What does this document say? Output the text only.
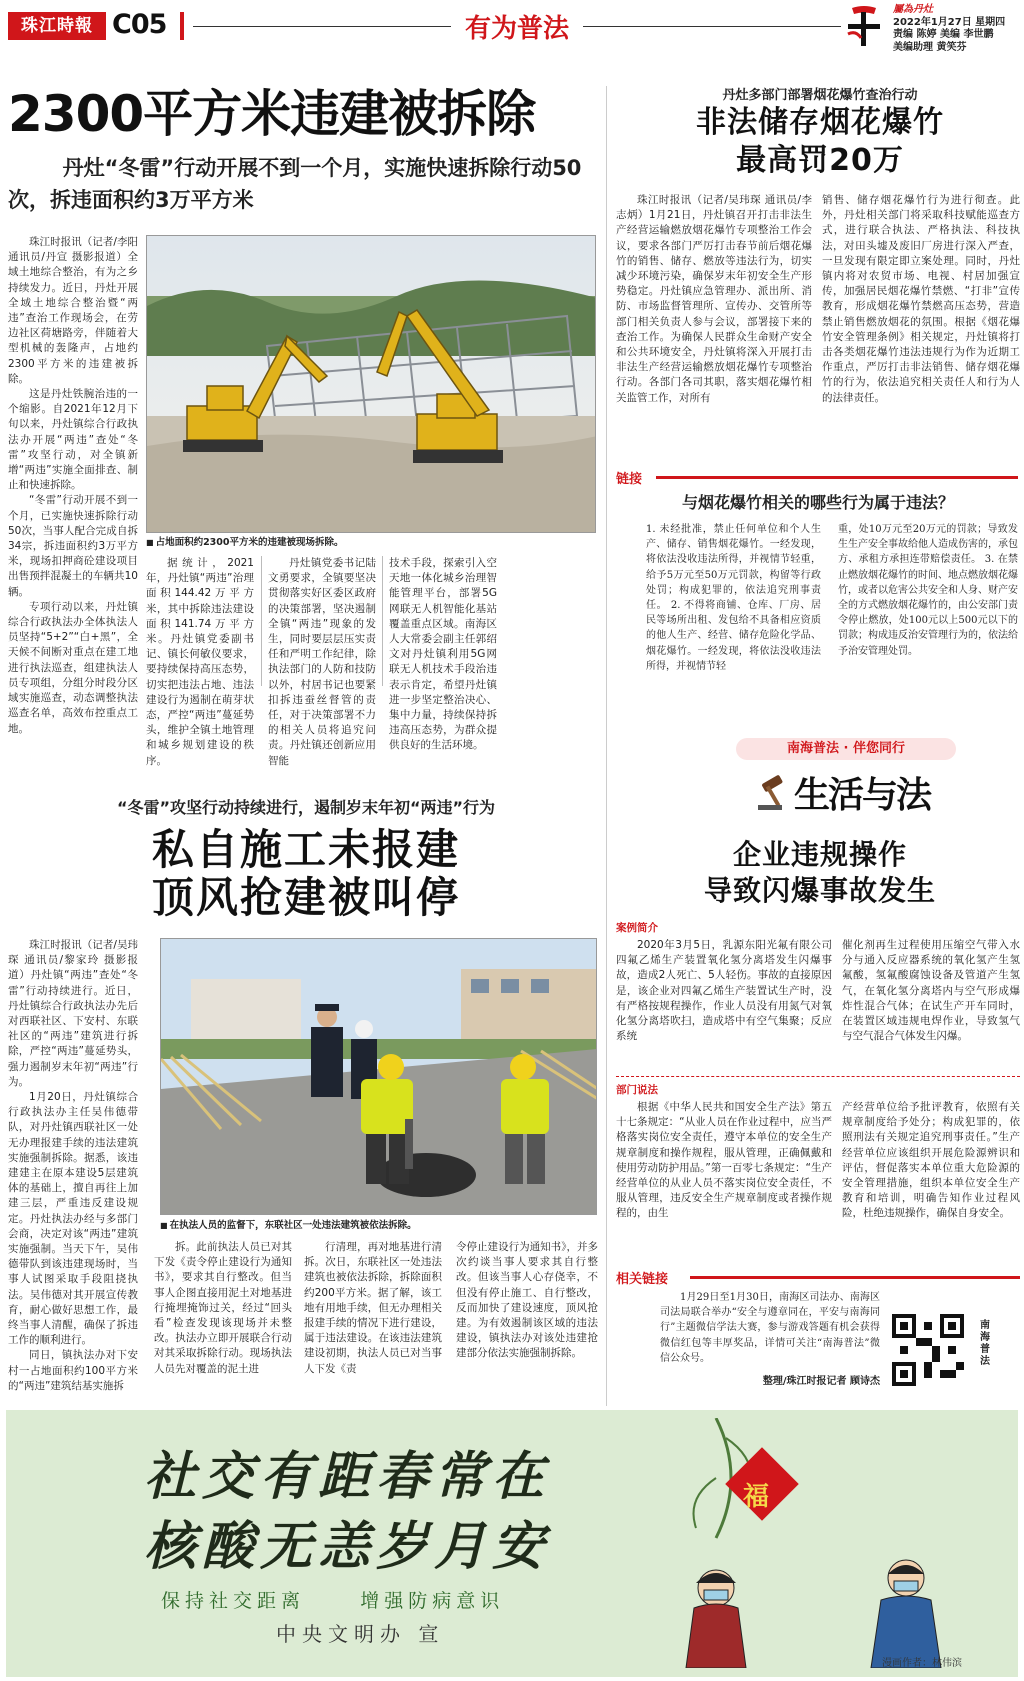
珠江時報 C05	有为普法
屬為丹灶
2022年1月27日 星期四
责编 陈婷 美编 李世鹏
美编助理 黄笑芬
2300平方米违建被拆除
丹灶“冬雷”行动开展不到一个月，实施快速拆除行动50次，拆违面积约3万平方米

珠江时报讯（记者/李阳 通讯员/丹宣 摄影报道）全域土地综合整治，有为之乡持续发力。近日，丹灶开展全域土地综合整治暨“两违”查治工作现场会，在劳边社区荷塘路旁，伴随着大型机械的轰隆声，占地约2300平方米的违建被拆除。

这是丹灶铁腕治违的一个缩影。自2021年12月下旬以来，丹灶镇综合行政执法办开展“两违”查处“冬雷”攻坚行动，对全镇新增“两违”实施全面排查、制止和快速拆除。

“冬雷”行动开展不到一个月，已实施快速拆除行动50次，当事人配合完成自拆34宗，拆违面积约3万平方米，现场扣押商砼建设项目出售预拌混凝土的车辆共10辆。

专项行动以来，丹灶镇综合行政执法办全体执法人员坚持“5+2”“白+黑”，全天候不间断对重点在建工地进行执法巡查，组建执法人员专项组，分组分时段分区域实施巡查，动态调整执法巡查名单，高效布控重点工地。

■ 占地面积约2300平方米的违建被现场拆除。
据统计，2021年，丹灶镇“两违”治理面积144.42万平方米，其中拆除违法建设面积141.74万平方米。丹灶镇党委副书记、镇长何敏仪要求，要持续保持高压态势，切实把违法占地、违法建设行为遏制在萌芽状态，严控“两违”蔓延势头，维护全镇土地管理和城乡规划建设的秩序。
丹灶镇党委书记陆文勇要求，全镇要坚决贯彻落实好区委区政府的决策部署，坚决遏制全镇“两违”现象的发生，同时要层层压实责任和严明工作纪律，除执法部门的人防和技防以外，村居书记也要紧扣拆违蚕丝督管的责任，对于决策部署不力的相关人员将追究问责。丹灶镇还创新应用智能
技术手段，探索引入空天地一体化城乡治理智能管理平台，部署5G网联无人机智能化基站覆盖重点区域。南海区人大常委会副主任郭绍文对丹灶镇利用5G网联无人机技术手段治违表示肯定，希望丹灶镇进一步坚定整治决心、集中力量，持续保持拆违高压态势，为群众提供良好的生活环境。
丹灶多部门部署烟花爆竹查治行动
非法储存烟花爆竹
最高罚20万
珠江时报讯（记者/吴玮琛 通讯员/李志炳）1月21日，丹灶镇召开打击非法生产经营运输燃放烟花爆竹专项整治工作会议，要求各部门严厉打击春节前后烟花爆竹的销售、储存、燃放等违法行为，切实减少环境污染，确保岁末年初安全生产形势稳定。丹灶镇应急管理办、派出所、消防、市场监督管理所、宣传办、交管所等部门相关负责人参与会议，部署接下来的查治工作。为确保人民群众生命财产安全和公共环境安全，丹灶镇将深入开展打击非法生产经营运输燃放烟花爆竹专项整治行动。各部门各司其职，落实烟花爆竹相关监管工作，对所有
销售、储存烟花爆竹行为进行彻查。此外，丹灶相关部门将采取科技赋能巡查方式，进行联合执法、严格执法、科技执法，对田头墟及废旧厂房进行深入严查，一旦发现有限定即立案处理。同时，丹灶镇内将对农贸市场、电视、村居加强宣传，加强居民烟花爆竹禁燃、“打非”宣传教育，形成烟花爆竹禁燃高压态势，营造禁止销售燃放烟花的氛围。根据《烟花爆竹安全管理条例》相关规定，丹灶镇将打击各类烟花爆竹违法违规行为作为近期工作重点，严厉打击非法销售、储存烟花爆竹的行为，依法追究相关责任人和行为人的法律责任。
链接
与烟花爆竹相关的哪些行为属于违法？
1. 未经批准，禁止任何单位和个人生产、储存、销售烟花爆竹。一经发现，将依法没收违法所得，并视情节轻重，给予5万元至50万元罚款，构留等行政处罚；构成犯罪的，依法追究刑事责任。 2. 不得将商铺、仓库、厂房、居民等场所出租、发包给不具备相应资质的他人生产、经营、储存危险化学品、烟花爆竹。一经发现，将依法没收违法所得，并视情节轻
重，处10万元至20万元的罚款；导致发生生产安全事故给他人造成伤害的，承包方、承租方承担连带赔偿责任。 3. 在禁止燃放烟花爆竹的时间、地点燃放烟花爆竹，或者以危害公共安全和人身、财产安全的方式燃放烟花爆竹的，由公安部门责令停止燃放，处100元以上500元以下的罚款；构成违反治安管理行为的，依法给予治安管理处罚。
南海普法 · 伴您同行
生活与法
企业违规操作
导致闪爆事故发生
案例简介
2020年3月5日，乳源东阳光氟有限公司四氟乙烯生产装置氧化氢分离塔发生闪爆事故，造成2人死亡、5人轻伤。事故的直接原因是，该企业对四氟乙烯生产装置试生产时，没有严格按规程操作，作业人员没有用氮气对氧化氢分离塔吹扫，造成塔中有空气集聚；反应系统
催化剂再生过程使用压缩空气带入水分与通入反应器系统的氧化氢产生氢氟酸，氢氟酸腐蚀设备及管道产生氢气，在氧化氢分离塔内与空气形成爆炸性混合气体；在试生产开车同时，在装置区域违规电焊作业，导致氢气与空气混合气体发生闪爆。
部门说法
根据《中华人民共和国安全生产法》第五十七条规定：“从业人员在作业过程中，应当严格落实岗位安全责任，遵守本单位的安全生产规章制度和操作规程，服从管理，正确佩戴和使用劳动防护用品。”第一百零七条规定：“生产经营单位的从业人员不落实岗位安全责任，不服从管理，违反安全生产规章制度或者操作规程的，由生
产经营单位给予批评教育，依照有关规章制度给予处分；构成犯罪的，依照刑法有关规定追究刑事责任。”生产经营单位应该组织开展危险源辨识和评估，督促落实本单位重大危险源的安全管理措施，组织本单位安全生产教育和培训，明确告知作业过程风险，杜绝违规操作，确保自身安全。
相关链接
1月29日至1月30日，南海区司法办、南海区司法局联合举办“安全与遵章同在，平安与南海同行”主题微信学法大赛，参与游戏答题有机会获得微信红包等丰厚奖品，详情可关注“南海普法”微信公众号。
整理/珠江时报记者 顾诗杰
南海普法
“冬雷”攻坚行动持续进行，遏制岁末年初“两违”行为
私自施工未报建
顶风抢建被叫停

珠江时报讯（记者/吴玮琛 通讯员/黎家玲 摄影报道）丹灶镇“两违”查处“冬雷”行动持续进行。近日，丹灶镇综合行政执法办先后对西联社区、下安村、东联社区的“两违”建筑进行拆除，严控“两违”蔓延势头，强力遏制岁末年初“两违”行为。

1月20日，丹灶镇综合行政执法办主任吴伟德带队，对丹灶镇西联社区一处无办理报建手续的违法建筑实施强制拆除。据悉，该违建建主在原本建设5层建筑体的基础上，擅自再往上加建三层，严重违反建设规定。丹灶执法办经与多部门会商，决定对该“两违”建筑实施强制。当天下午，吴伟德带队到该违建现场时，当事人试图采取手段阻挠执法。吴伟德对其开展宣传教育，耐心做好思想工作，最终当事人清醒，确保了拆违工作的顺利进行。

同日，镇执法办对下安村一占地面积约100平方米的“两违”建筑结基实施拆

■ 在执法人员的监督下，东联社区一处违法建筑被依法拆除。
拆。此前执法人员已对其下发《责令停止建设行为通知书》，要求其自行整改。但当事人企图直接用泥土对地基进行掩埋掩饰过关，经过“回头看”检查发现该现场并未整改。执法办立即开展联合行动对其采取拆除行动。现场执法人员先对覆盖的泥土进
行清理，再对地基进行清拆。次日，东联社区一处违法建筑也被依法拆除，拆除面积约200平方米。据了解，该工地有用地手续，但无办理相关报建手续的情况下进行建设，属于违法建设。在该违法建筑建设初期，执法人员已对当事人下发《责
令停止建设行为通知书》，并多次约谈当事人要求其自行整改。但该当事人心存侥幸，不但没有停止施工、自行整改，反而加快了建设速度，顶风抢建。为有效遏制该区域的违法建设，镇执法办对该处违建抢建部分依法实施强制拆除。
社交有距春常在
核酸无恙岁月安
保持社交距离     增强防病意识
中央文明办 宣
福
漫画作者：林伟滨
